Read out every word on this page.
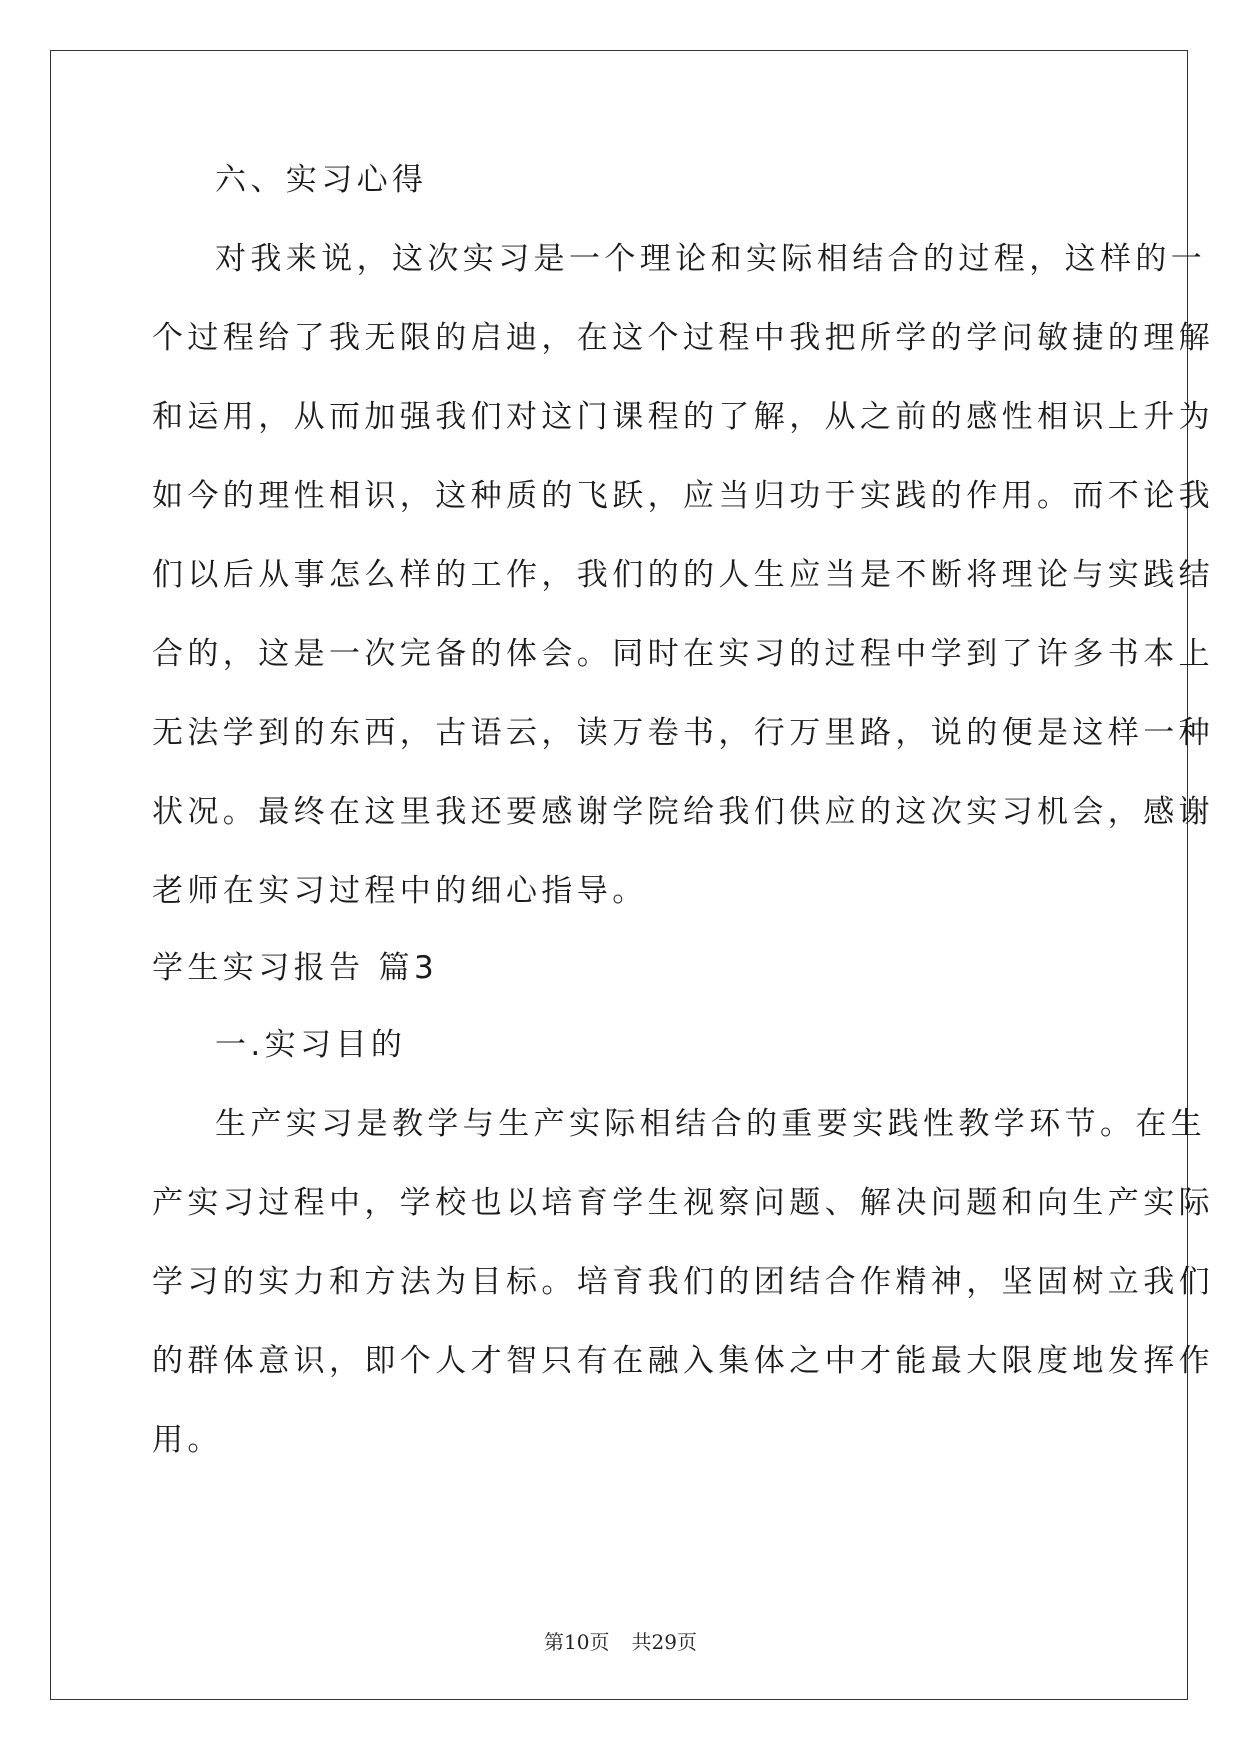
六、实习心得
对我来说，这次实习是一个理论和实际相结合的过程，这样的一
个过程给了我无限的启迪，在这个过程中我把所学的学问敏捷的理解
和运用，从而加强我们对这门课程的了解，从之前的感性相识上升为
如今的理性相识，这种质的飞跃，应当归功于实践的作用。而不论我
们以后从事怎么样的工作，我们的的人生应当是不断将理论与实践结
合的，这是一次完备的体会。同时在实习的过程中学到了许多书本上
无法学到的东西，古语云，读万卷书，行万里路，说的便是这样一种
状况。最终在这里我还要感谢学院给我们供应的这次实习机会，感谢
老师在实习过程中的细心指导。
学生实习报告 篇3
一.实习目的
生产实习是教学与生产实际相结合的重要实践性教学环节。在生
产实习过程中，学校也以培育学生视察问题、解决问题和向生产实际
学习的实力和方法为目标。培育我们的团结合作精神，坚固树立我们
的群体意识，即个人才智只有在融入集体之中才能最大限度地发挥作
用。
第10页 共29页
